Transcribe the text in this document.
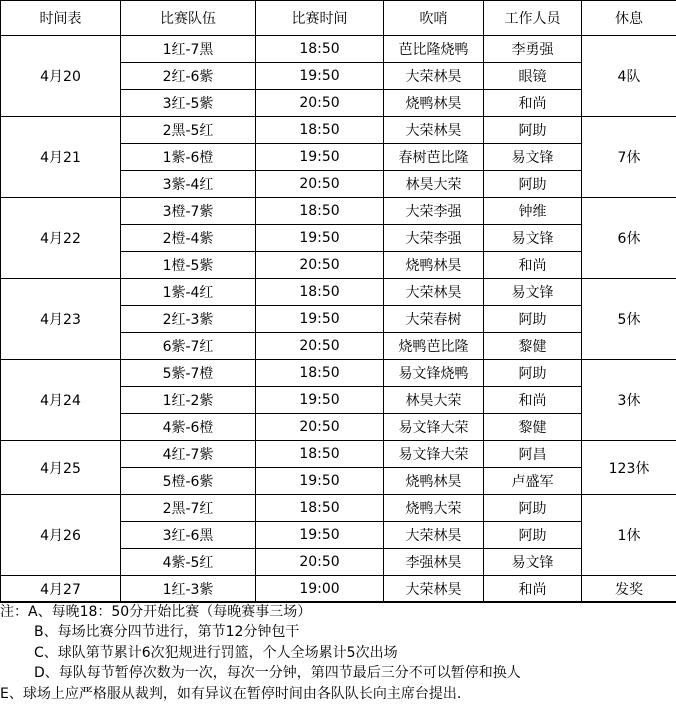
时间表	比赛队伍	比赛时间	吹哨	工作人员	休息
4月20	1红-7黑	18:50	芭比隆烧鸭	李勇强	4队
	2红-6紫	19:50	大荣林昊	眼镜	
	3红-5紫	20:50	烧鸭林昊	和尚	
4月21	2黑-5红	18:50	大荣林昊	阿助	7休
	1紫-6橙	19:50	春树芭比隆	易文锋	
	3紫-4红	20:50	林昊大荣	阿助	
4月22	3橙-7紫	18:50	大荣李强	钟维	6休
	2橙-4紫	19:50	大荣李强	易文锋	
	1橙-5紫	20:50	烧鸭林昊	和尚	
4月23	1紫-4红	18:50	大荣林昊	易文锋	5休
	2红-3紫	19:50	大荣春树	阿助	
	6紫-7红	20:50	烧鸭芭比隆	黎健	
4月24	5紫-7橙	18:50	易文锋烧鸭	阿助	3休
	1红-2紫	19:50	林昊大荣	和尚	
	4紫-6橙	20:50	易文锋大荣	黎健	
4月25	4红-7紫	18:50	易文锋大荣	阿昌	123休
	5橙-6紫	19:50	烧鸭林昊	卢盛军	
4月26	2黑-7红	18:50	烧鸭大荣	阿助	1休
	3红-6黑	19:50	大荣林昊	阿助	
	4紫-5红	20:50	李强林昊	易文锋	
4月27	1红-3紫	19:00	大荣林昊	和尚	发奖
注：A、每晚18：50分开始比赛（每晚赛事三场）
B、每场比赛分四节进行，第节12分钟包干
C、球队第节累计6次犯规进行罚篮，个人全场累计5次出场
D、每队每节暂停次数为一次，每次一分钟，第四节最后三分不可以暂停和换人
E、球场上应严格服从裁判，如有异议在暂停时间由各队队长向主席台提出.
